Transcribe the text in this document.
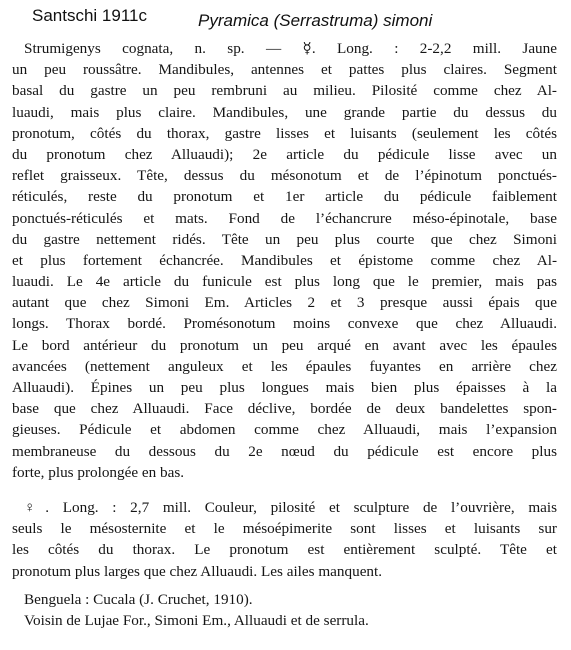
Santschi 1911c	Pyramica (Serrastruma) simoni
Strumigenys cognata, n. sp. — ☿. Long. : 2-2,2 mill. Jaune
un peu roussâtre. Mandibules, antennes et pattes plus claires. Segment
basal du gastre un peu rembruni au milieu. Pilosité comme chez Al-
luaudi, mais plus claire. Mandibules, une grande partie du dessus du
pronotum, côtés du thorax, gastre lisses et luisants (seulement les côtés
du pronotum chez Alluaudi); 2e article du pédicule lisse avec un
reflet graisseux. Tête, dessus du mésonotum et de l’épinotum ponctués-
réticulés, reste du pronotum et 1er article du pédicule faiblement
ponctués-réticulés et mats. Fond de l’échancrure méso-épinotale, base
du gastre nettement ridés. Tête un peu plus courte que chez Simoni
et plus fortement échancrée. Mandibules et épistome comme chez Al-
luaudi. Le 4e article du funicule est plus long que le premier, mais pas
autant que chez Simoni Em. Articles 2 et 3 presque aussi épais que
longs. Thorax bordé. Promésonotum moins convexe que chez Alluaudi.
Le bord antérieur du pronotum un peu arqué en avant avec les épaules
avancées (nettement anguleux et les épaules fuyantes en arrière chez
Alluaudi). Épines un peu plus longues mais bien plus épaisses à la
base que chez Alluaudi. Face déclive, bordée de deux bandelettes spon-
gieuses. Pédicule et abdomen comme chez Alluaudi, mais l’expansion
membraneuse du dessous du 2e nœud du pédicule est encore plus
forte, plus prolongée en bas.
♀. Long. : 2,7 mill. Couleur, pilosité et sculpture de l’ouvrière, mais
seuls le mésosternite et le mésoépimerite sont lisses et luisants sur
les côtés du thorax. Le pronotum est entièrement sculpté. Tête et
pronotum plus larges que chez Alluaudi. Les ailes manquent.
Benguela : Cucala (J. Cruchet, 1910).
Voisin de Lujae For., Simoni Em., Alluaudi et de serrula.
